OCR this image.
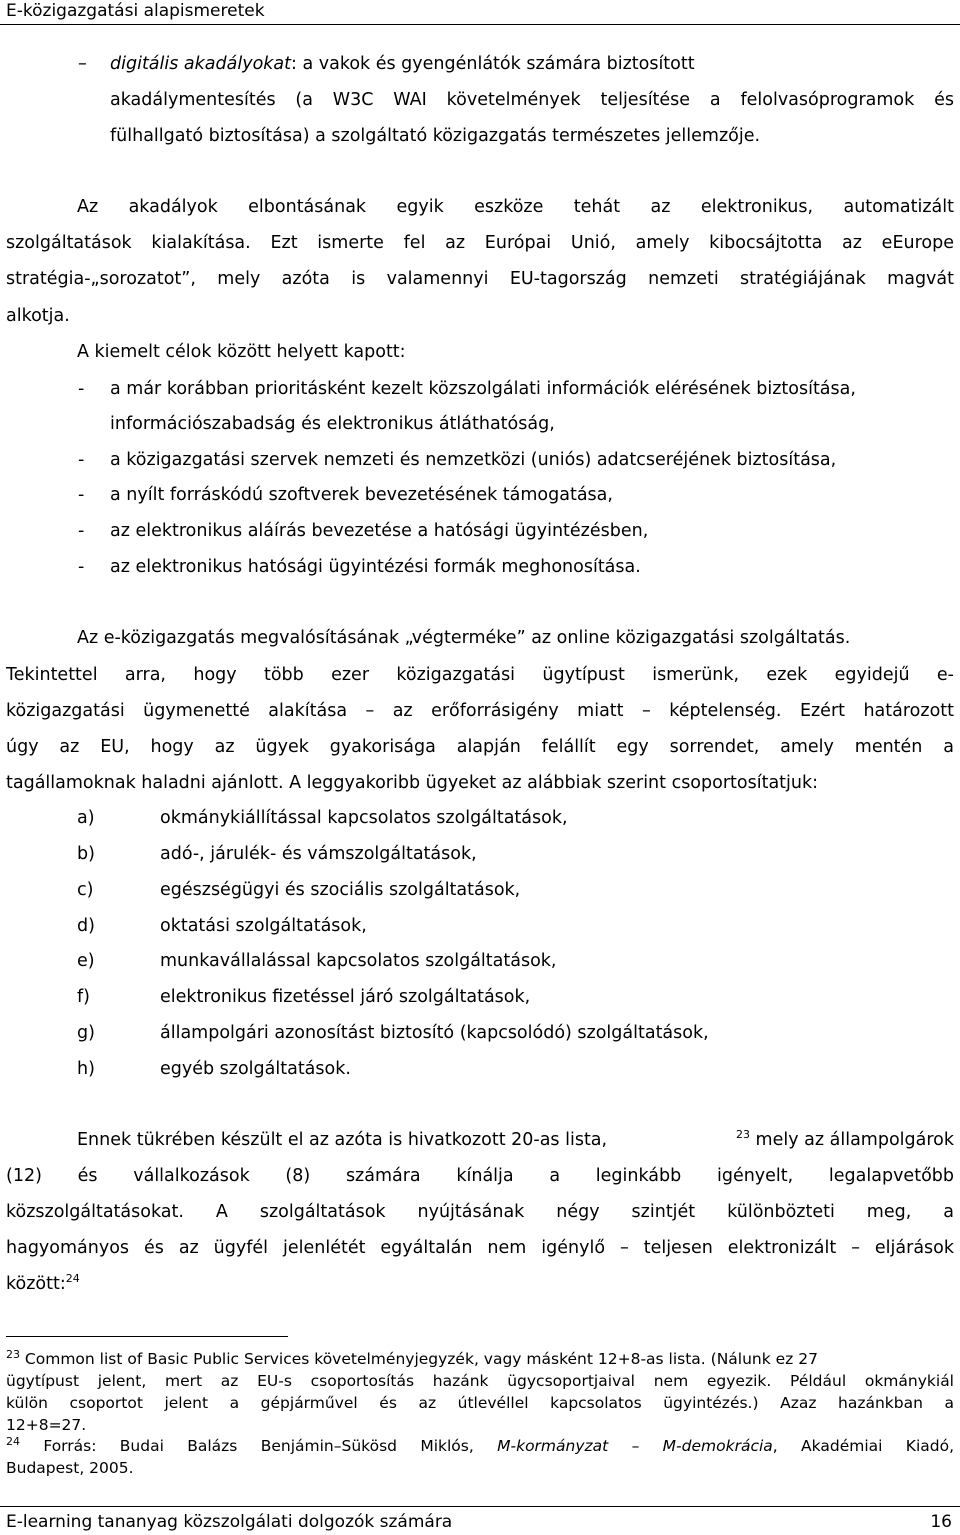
E-közigazgatási alapismeretek
– digitális akadályokat: a vakok és gyengénlátók számára biztosított
akadálymentesítés (a W3C WAI követelmények teljesítése a felolvasóprogramok és
fülhallgató biztosítása) a szolgáltató közigazgatás természetes jellemzője.
Az akadályok elbontásának egyik eszköze tehát az elektronikus, automatizált
szolgáltatások kialakítása. Ezt ismerte fel az Európai Unió, amely kibocsájtotta az eEurope
stratégia-„sorozatot”, mely azóta is valamennyi EU-tagország nemzeti stratégiájának magvát
alkotja.
A kiemelt célok között helyett kapott:
- a már korábban prioritásként kezelt közszolgálati információk elérésének biztosítása,
információszabadság és elektronikus átláthatóság,
- a közigazgatási szervek nemzeti és nemzetközi (uniós) adatcseréjének biztosítása,
- a nyílt forráskódú szoftverek bevezetésének támogatása,
- az elektronikus aláírás bevezetése a hatósági ügyintézésben,
- az elektronikus hatósági ügyintézési formák meghonosítása.
Az e-közigazgatás megvalósításának „végterméke” az online közigazgatási szolgáltatás.
Tekintettel arra, hogy több ezer közigazgatási ügytípust ismerünk, ezek egyidejű e-
közigazgatási ügymenetté alakítása – az erőforrásigény miatt – képtelenség. Ezért határozott
úgy az EU, hogy az ügyek gyakorisága alapján felállít egy sorrendet, amely mentén a
tagállamoknak haladni ajánlott. A leggyakoribb ügyeket az alábbiak szerint csoportosítatjuk:
a)	okmánykiállítással kapcsolatos szolgáltatások,
b)	adó-, járulék- és vámszolgáltatások,
c)	egészségügyi és szociális szolgáltatások,
d)	oktatási szolgáltatások,
e)	munkavállalással kapcsolatos szolgáltatások,
f)	elektronikus fizetéssel járó szolgáltatások,
g)	állampolgári azonosítást biztosító (kapcsolódó) szolgáltatások,
h)	egyéb szolgáltatások.
Ennek tükrében készült el az azóta is hivatkozott 20-as lista,	$^{23}$ mely az állampolgárok
(12) és vállalkozások (8) számára kínálja a leginkább igényelt, legalapvetőbb
közszolgáltatásokat. A szolgáltatások nyújtásának négy szintjét különbözteti meg, a
hagyományos és az ügyfél jelenlétét egyáltalán nem igénylő – teljesen elektronizált – eljárások
között:$^{24}$
$^{23}$ Common list of Basic Public Services követelményjegyzék, vagy másként 12+8-as lista. (Nálunk ez 27
ügytípust jelent, mert az EU-s csoportosítás hazánk ügycsoportjaival nem egyezik. Például okmánykiál
külön csoportot jelent a gépjárművel és az útlevéllel kapcsolatos ügyintézés.) Azaz hazánkban a
12+8=27.
$^{24}$ Forrás: Budai Balázs Benjámin–Sükösd Miklós, M-kormányzat – M-demokrácia, Akadémiai Kiadó,
Budapest, 2005.
E-learning tananyag közszolgálati dolgozók számára	16
